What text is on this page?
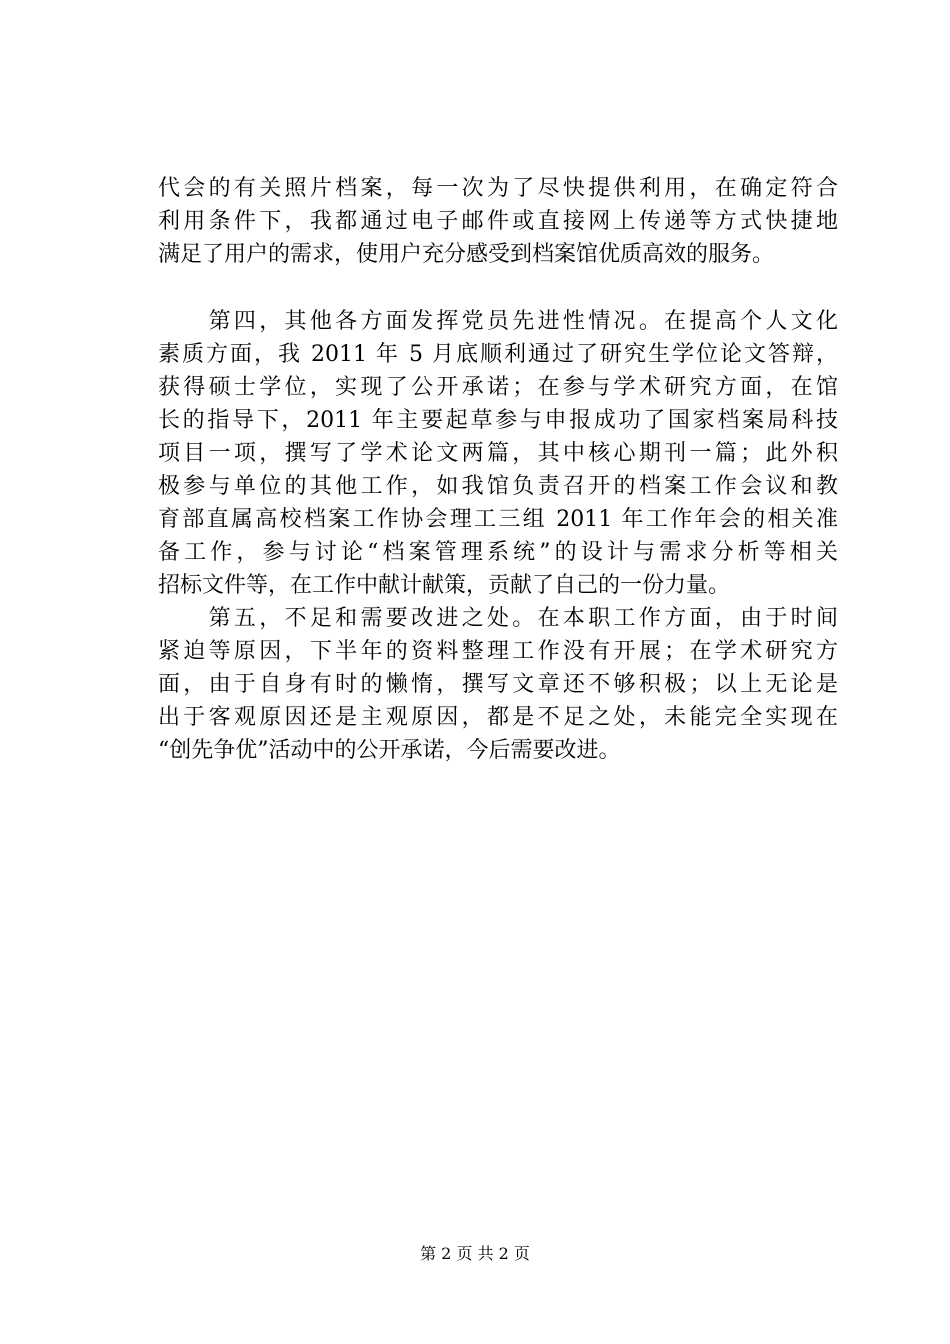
代会的有关照片档案，每一次为了尽快提供利用，在确定符合
利用条件下，我都通过电子邮件或直接网上传递等方式快捷地
满足了用户的需求，使用户充分感受到档案馆优质高效的服务。
　　第四，其他各方面发挥党员先进性情况。在提高个人文化
素质方面，我 2011 年 5 月底顺利通过了研究生学位论文答辩，
获得硕士学位，实现了公开承诺；在参与学术研究方面，在馆
长的指导下，2011 年主要起草参与申报成功了国家档案局科技
项目一项，撰写了学术论文两篇，其中核心期刊一篇；此外积
极参与单位的其他工作，如我馆负责召开的档案工作会议和教
育部直属高校档案工作协会理工三组 2011 年工作年会的相关准
备工作，参与讨论“档案管理系统”的设计与需求分析等相关
招标文件等，在工作中献计献策，贡献了自己的一份力量。
　　第五，不足和需要改进之处。在本职工作方面，由于时间
紧迫等原因，下半年的资料整理工作没有开展；在学术研究方
面，由于自身有时的懒惰，撰写文章还不够积极；以上无论是
出于客观原因还是主观原因，都是不足之处，未能完全实现在
“创先争优”活动中的公开承诺，今后需要改进。
第 2 页 共 2 页
